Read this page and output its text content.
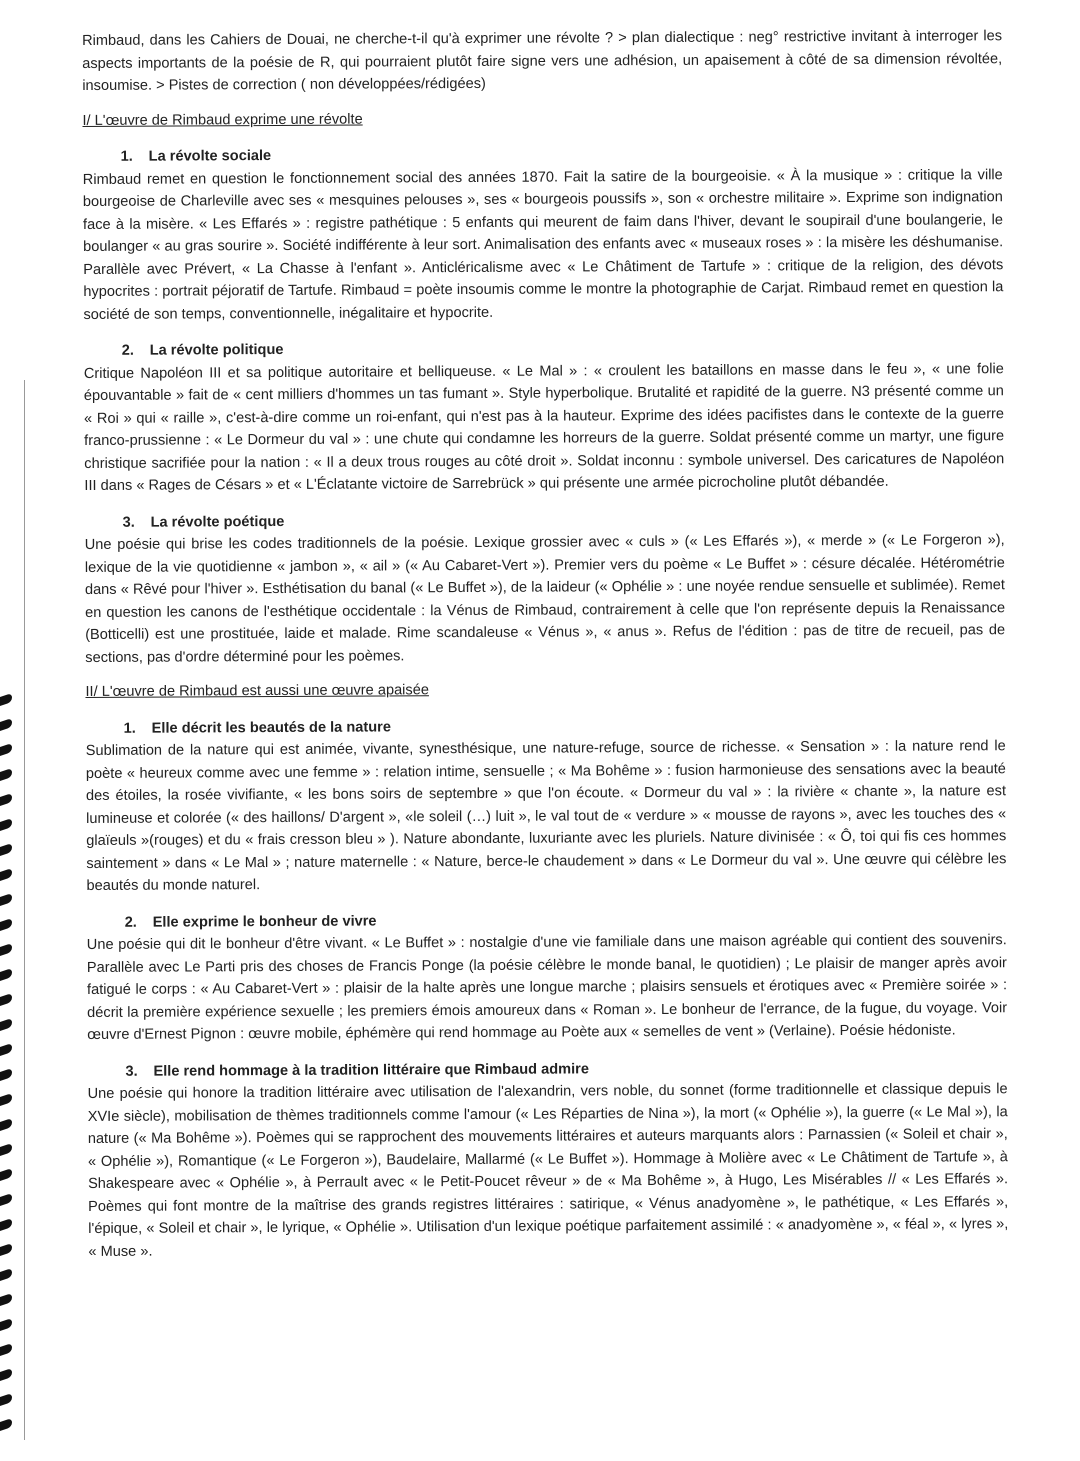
Rimbaud, dans les Cahiers de Douai, ne cherche-t-il qu'à exprimer une révolte ? > plan dialectique : neg° restrictive invitant à interroger les aspects importants de la poésie de R, qui pourraient plutôt faire signe vers une adhésion, un apaisement à côté de sa dimension révoltée, insoumise. > Pistes de correction ( non développées/rédigées)

I/ L'œuvre de Rimbaud exprime une révolte
1. La révolte sociale

Rimbaud remet en question le fonctionnement social des années 1870. Fait la satire de la bourgeoisie. « À la musique » : critique la ville bourgeoise de Charleville avec ses « mesquines pelouses », ses « bourgeois poussifs », son « orchestre militaire ». Exprime son indignation face à la misère. « Les Effarés » : registre pathétique : 5 enfants qui meurent de faim dans l'hiver, devant le soupirail d'une boulangerie, le boulanger « au gras sourire ». Société indifférente à leur sort. Animalisation des enfants avec « museaux roses » : la misère les déshumanise. Parallèle avec Prévert, « La Chasse à l'enfant ». Anticléricalisme avec « Le Châtiment de Tartufe » : critique de la religion, des dévots hypocrites : portrait péjoratif de Tartufe. Rimbaud = poète insoumis comme le montre la photographie de Carjat. Rimbaud remet en question la société de son temps, conventionnelle, inégalitaire et hypocrite.

2. La révolte politique

Critique Napoléon III et sa politique autoritaire et belliqueuse. « Le Mal » : « croulent les bataillons en masse dans le feu », « une folie épouvantable » fait de « cent milliers d'hommes un tas fumant ». Style hyperbolique. Brutalité et rapidité de la guerre. N3 présenté comme un « Roi » qui « raille », c'est-à-dire comme un roi-enfant, qui n'est pas à la hauteur. Exprime des idées pacifistes dans le contexte de la guerre franco-prussienne : « Le Dormeur du val » : une chute qui condamne les horreurs de la guerre. Soldat présenté comme un martyr, une figure christique sacrifiée pour la nation : « Il a deux trous rouges au côté droit ». Soldat inconnu : symbole universel. Des caricatures de Napoléon III dans « Rages de Césars » et « L'Éclatante victoire de Sarrebrück » qui présente une armée picrocholine plutôt débandée.

3. La révolte poétique

Une poésie qui brise les codes traditionnels de la poésie. Lexique grossier avec « culs » (« Les Effarés »), « merde » (« Le Forgeron »), lexique de la vie quotidienne « jambon », « ail » (« Au Cabaret-Vert »). Premier vers du poème « Le Buffet » : césure décalée. Hétérométrie dans « Rêvé pour l'hiver ». Esthétisation du banal (« Le Buffet »), de la laideur (« Ophélie » : une noyée rendue sensuelle et sublimée). Remet en question les canons de l'esthétique occidentale : la Vénus de Rimbaud, contrairement à celle que l'on représente depuis la Renaissance (Botticelli) est une prostituée, laide et malade. Rime scandaleuse « Vénus », « anus ». Refus de l'édition : pas de titre de recueil, pas de sections, pas d'ordre déterminé pour les poèmes.

II/ L'œuvre de Rimbaud est aussi une œuvre apaisée
1. Elle décrit les beautés de la nature

Sublimation de la nature qui est animée, vivante, synesthésique, une nature-refuge, source de richesse. « Sensation » : la nature rend le poète « heureux comme avec une femme » : relation intime, sensuelle ; « Ma Bohême » : fusion harmonieuse des sensations avec la beauté des étoiles, la rosée vivifiante, « les bons soirs de septembre » que l'on écoute. « Dormeur du val » : la rivière « chante », la nature est lumineuse et colorée (« des haillons/ D'argent », «le soleil (…) luit », le val tout de « verdure » « mousse de rayons », avec les touches des « glaïeuls »(rouges) et du « frais cresson bleu » ). Nature abondante, luxuriante avec les pluriels. Nature divinisée : « Ô, toi qui fis ces hommes saintement » dans « Le Mal » ; nature maternelle : « Nature, berce-le chaudement » dans « Le Dormeur du val ». Une œuvre qui célèbre les beautés du monde naturel.

2. Elle exprime le bonheur de vivre

Une poésie qui dit le bonheur d'être vivant. « Le Buffet » : nostalgie d'une vie familiale dans une maison agréable qui contient des souvenirs. Parallèle avec Le Parti pris des choses de Francis Ponge (la poésie célèbre le monde banal, le quotidien) ; Le plaisir de manger après avoir fatigué le corps : « Au Cabaret-Vert » : plaisir de la halte après une longue marche ; plaisirs sensuels et érotiques avec « Première soirée » : décrit la première expérience sexuelle ; les premiers émois amoureux dans « Roman ». Le bonheur de l'errance, de la fugue, du voyage. Voir œuvre d'Ernest Pignon : œuvre mobile, éphémère qui rend hommage au Poète aux « semelles de vent » (Verlaine). Poésie hédoniste.

3. Elle rend hommage à la tradition littéraire que Rimbaud admire

Une poésie qui honore la tradition littéraire avec utilisation de l'alexandrin, vers noble, du sonnet (forme traditionnelle et classique depuis le XVIe siècle), mobilisation de thèmes traditionnels comme l'amour (« Les Réparties de Nina »), la mort (« Ophélie »), la guerre (« Le Mal »), la nature (« Ma Bohême »). Poèmes qui se rapprochent des mouvements littéraires et auteurs marquants alors : Parnassien (« Soleil et chair », « Ophélie »), Romantique (« Le Forgeron »), Baudelaire, Mallarmé (« Le Buffet »). Hommage à Molière avec « Le Châtiment de Tartufe », à Shakespeare avec « Ophélie », à Perrault avec « le Petit-Poucet rêveur » de « Ma Bohême », à Hugo, Les Misérables // « Les Effarés ». Poèmes qui font montre de la maîtrise des grands registres littéraires : satirique, « Vénus anadyomène », le pathétique, « Les Effarés », l'épique, « Soleil et chair », le lyrique, « Ophélie ». Utilisation d'un lexique poétique parfaitement assimilé : « anadyomène », « féal », « lyres », « Muse ».
